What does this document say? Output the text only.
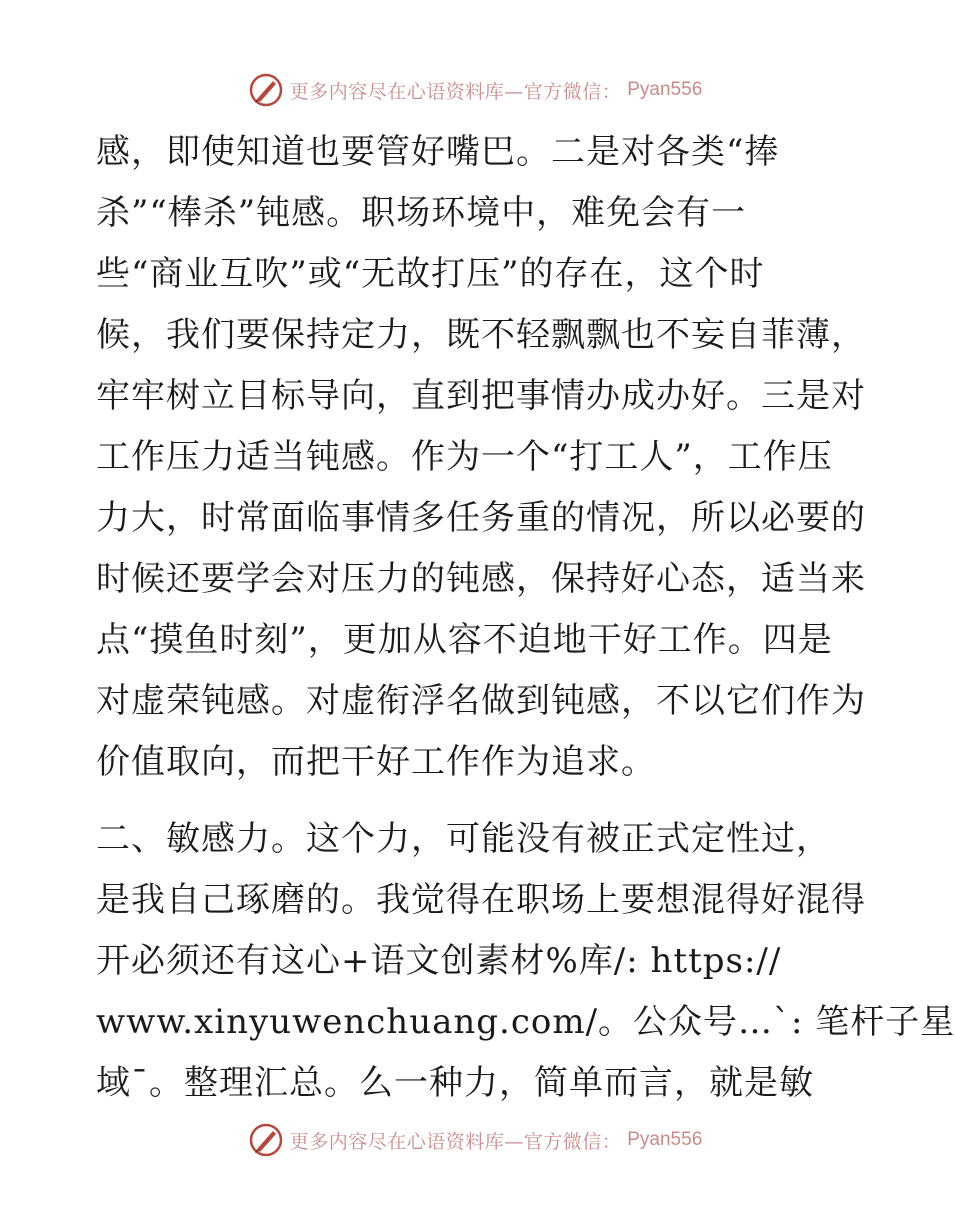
更多内容尽在心语资料库—官方微信： Pyan556
感，即使知道也要管好嘴巴。二是对各类“捧
杀”“棒杀”钝感。职场环境中，难免会有一
些“商业互吹”或“无故打压”的存在，这个时
候，我们要保持定力，既不轻飘飘也不妄自菲薄，
牢牢树立目标导向，直到把事情办成办好。三是对
工作压力适当钝感。作为一个“打工人”，工作压
力大，时常面临事情多任务重的情况，所以必要的
时候还要学会对压力的钝感，保持好心态，适当来
点“摸鱼时刻”，更加从容不迫地干好工作。四是
对虚荣钝感。对虚衔浮名做到钝感，不以它们作为
价值取向，而把干好工作作为追求。
二、敏感力。这个力，可能没有被正式定性过，
是我自己琢磨的。我觉得在职场上要想混得好混得
开必须还有这心+语文创素材%库/: https://
www.xinyuwenchuang.com/。公众号…`: 笔杆子星
域¯。整理汇总。么一种力，简单而言，就是敏
更多内容尽在心语资料库—官方微信： Pyan556
